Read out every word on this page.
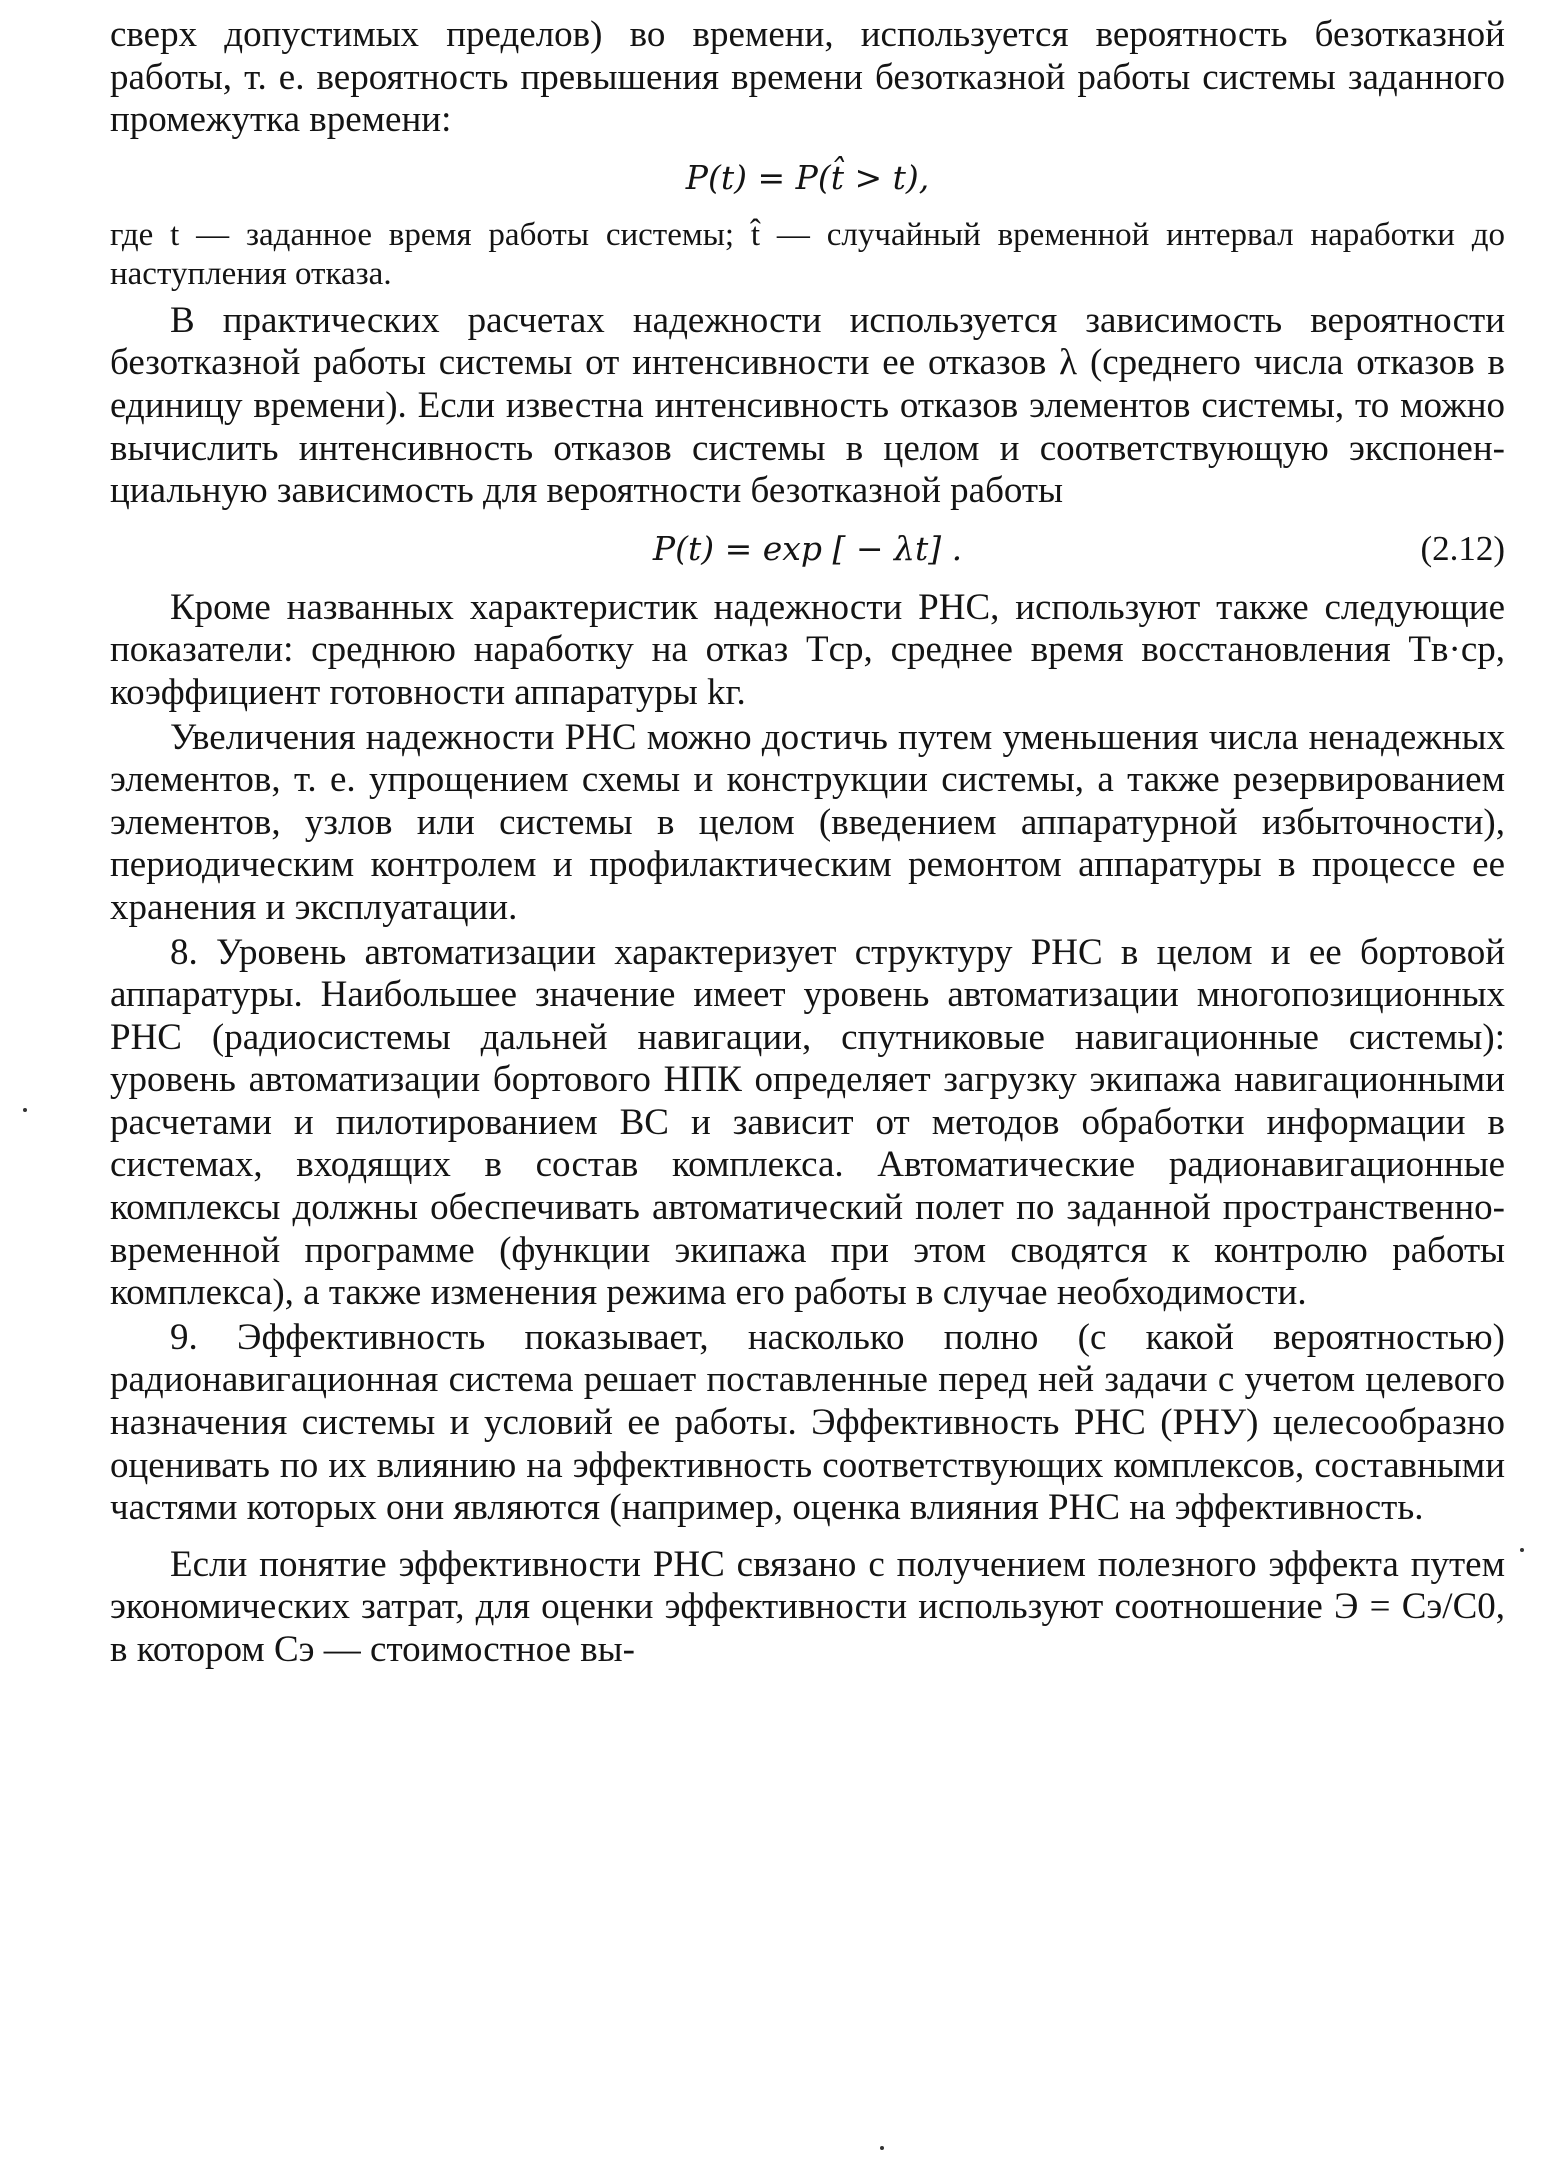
сверх допустимых пределов) во времени, используется вероятность безотказной работы, т. е. вероятность превышения времени безотказной работы системы заданного промежутка времени:

P(t) = P(t̂ > t),

где t — заданное время работы системы; t̂ — случайный временной интервал наработки до наступления отказа.

В практических расчетах надежности используется зависимость вероятности безотказной работы системы от интенсивности ее отказов λ (среднего числа отказов в единицу времени). Если известна интенсивность отказов элементов системы, то можно вычислить интенсивность отказов системы в целом и соответствующую экспоненциальную зависимость для вероятности безотказной работы

P(t) = exp [ − λt] .	(2.12)

Кроме названных характеристик надежности РНС, используют также следующие показатели: среднюю наработку на отказ Tср, среднее время восстановления Tв·ср, коэффициент готовности аппаратуры kг.

Увеличения надежности РНС можно достичь путем уменьшения числа ненадежных элементов, т. е. упрощением схемы и конструкции системы, а также резервированием элементов, узлов или системы в целом (введением аппаратурной избыточности), периодическим контролем и профилактическим ремонтом аппаратуры в процессе ее хранения и эксплуатации.

8. Уровень автоматизации характеризует структуру РНС в целом и ее бортовой аппаратуры. Наибольшее значение имеет уровень автоматизации многопозиционных РНС (радиосистемы дальней навигации, спутниковые навигационные системы): уровень автоматизации бортового НПК определяет загрузку экипажа навигационными расчетами и пилотированием ВС и зависит от методов обработки информации в системах, входящих в состав комплекса. Автоматические радионавигационные комплексы должны обеспечивать автоматический полет по заданной пространственно-временной программе (функции экипажа при этом сводятся к контролю работы комплекса), а также изменения режима его работы в случае необходимости.

9. Эффективность показывает, насколько полно (с какой вероятностью) радионавигационная система решает поставленные перед ней задачи с учетом целевого назначения системы и условий ее работы. Эффективность РНС (РНУ) целесообразно оценивать по их влиянию на эффективность соответствующих комплексов, составными частями которых они являются (например, оценка влияния РНС на эффективность.

Если понятие эффективности РНС связано с получением полезного эффекта путем экономических затрат, для оценки эффективности используют соотношение Э = Cэ/C0, в котором Cэ — стоимостное вы-
